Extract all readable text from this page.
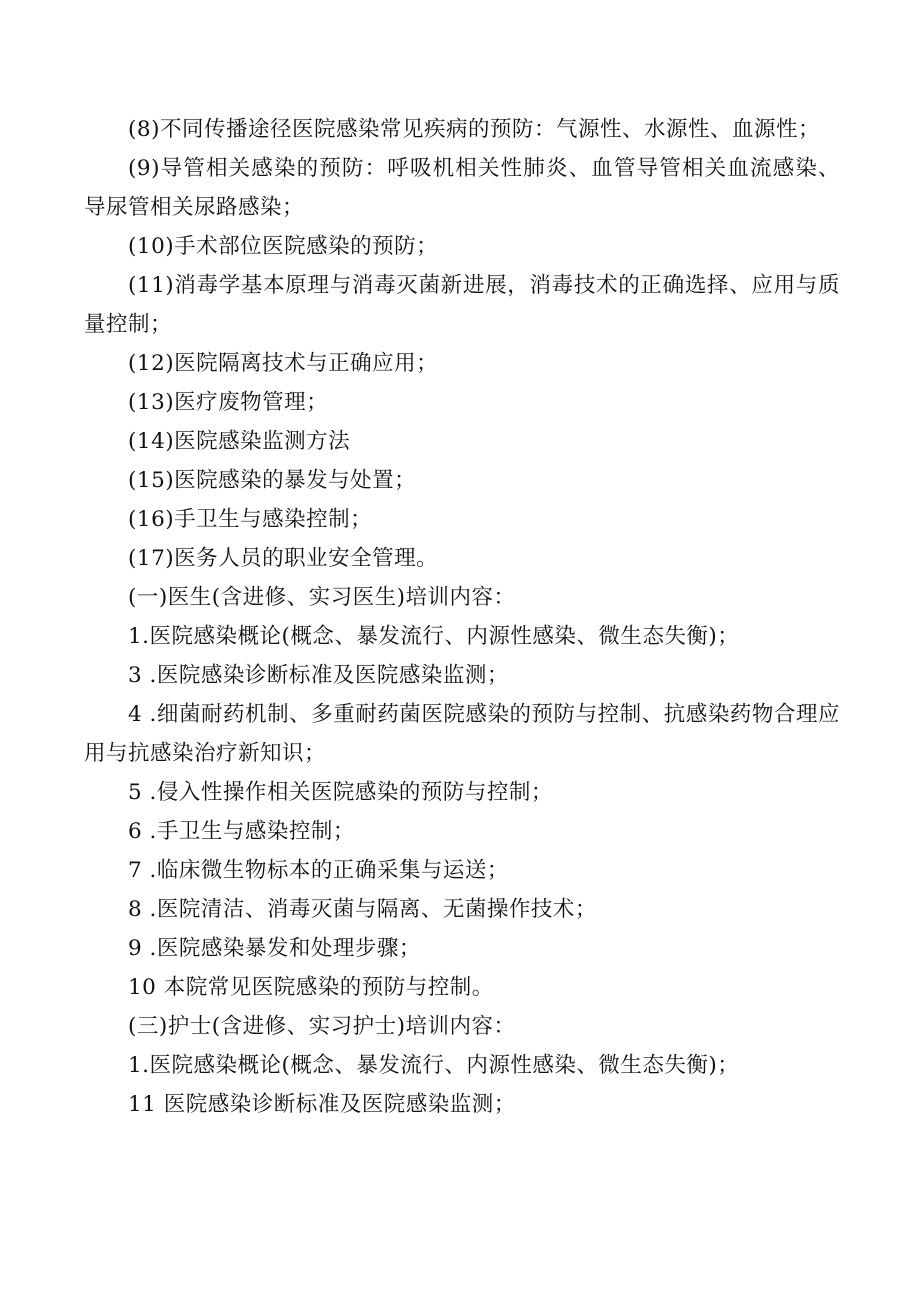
(8)不同传播途径医院感染常见疾病的预防：气源性、水源性、血源性；

(9)导管相关感染的预防：呼吸机相关性肺炎、血管导管相关血流感染、导尿管相关尿路感染；

(10)手术部位医院感染的预防；

(11)消毒学基本原理与消毒灭菌新进展，消毒技术的正确选择、应用与质量控制；

(12)医院隔离技术与正确应用；

(13)医疗废物管理；

(14)医院感染监测方法

(15)医院感染的暴发与处置；

(16)手卫生与感染控制；

(17)医务人员的职业安全管理。

(一)医生(含进修、实习医生)培训内容：

1.医院感染概论(概念、暴发流行、内源性感染、微生态失衡)；

3 .医院感染诊断标准及医院感染监测；

4 .细菌耐药机制、多重耐药菌医院感染的预防与控制、抗感染药物合理应用与抗感染治疗新知识；

5 .侵入性操作相关医院感染的预防与控制；

6 .手卫生与感染控制；

7 .临床微生物标本的正确采集与运送；

8 .医院清洁、消毒灭菌与隔离、无菌操作技术；

9 .医院感染暴发和处理步骤；

10 本院常见医院感染的预防与控制。

(三)护士(含进修、实习护士)培训内容：

1.医院感染概论(概念、暴发流行、内源性感染、微生态失衡)；

11 医院感染诊断标准及医院感染监测；
